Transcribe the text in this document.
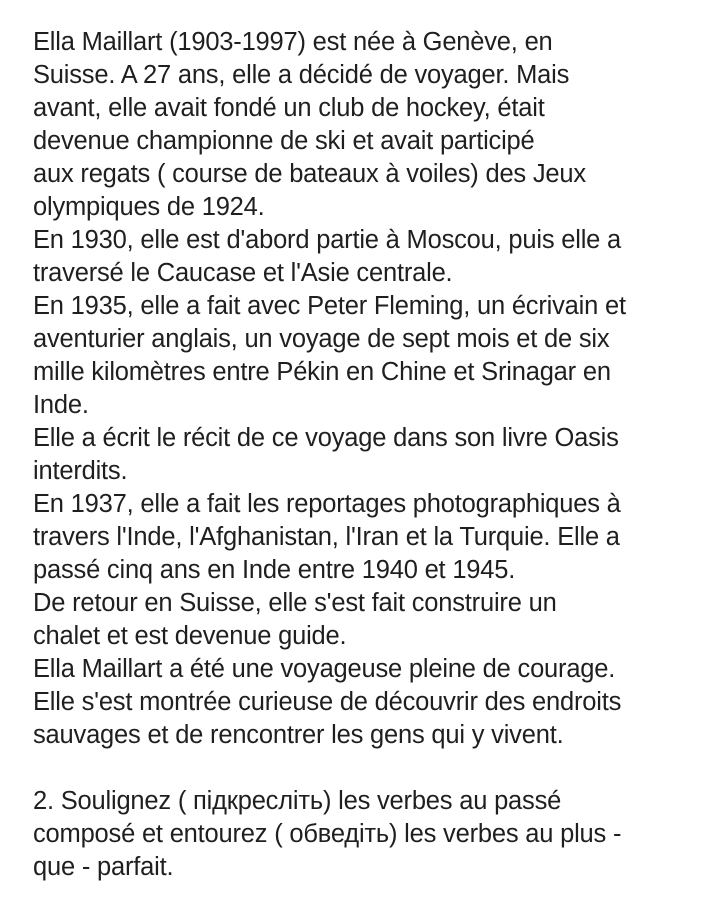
Ella Maillart (1903-1997) est née à Genève, en
Suisse. A 27 ans, elle a décidé de voyager. Mais
avant, elle avait fondé un club de hockey, était
devenue championne de ski et avait participé
aux regats ( course de bateaux à voiles) des Jeux
olympiques de 1924.
En 1930, elle est d'abord partie à Moscou, puis elle a
traversé le Caucase et l'Asie centrale.
En 1935, elle a fait avec Peter Fleming, un écrivain et
aventurier anglais, un voyage de sept mois et de six
mille kilomètres entre Pékin en Chine et Srinagar en
Inde.
Elle a écrit le récit de ce voyage dans son livre Oasis
interdits.
En 1937, elle a fait les reportages photographiques à
travers l'Inde, l'Afghanistan, l'Iran et la Turquie. Elle a
passé cinq ans en Inde entre 1940 et 1945.
De retour en Suisse, elle s'est fait construire un
chalet et est devenue guide.
Ella Maillart a été une voyageuse pleine de courage.
Elle s'est montrée curieuse de découvrir des endroits
sauvages et de rencontrer les gens qui y vivent.
2. Soulignez ( підкресліть) les verbes au passé
composé et entourez ( обведіть) les verbes au plus -
que - parfait.
